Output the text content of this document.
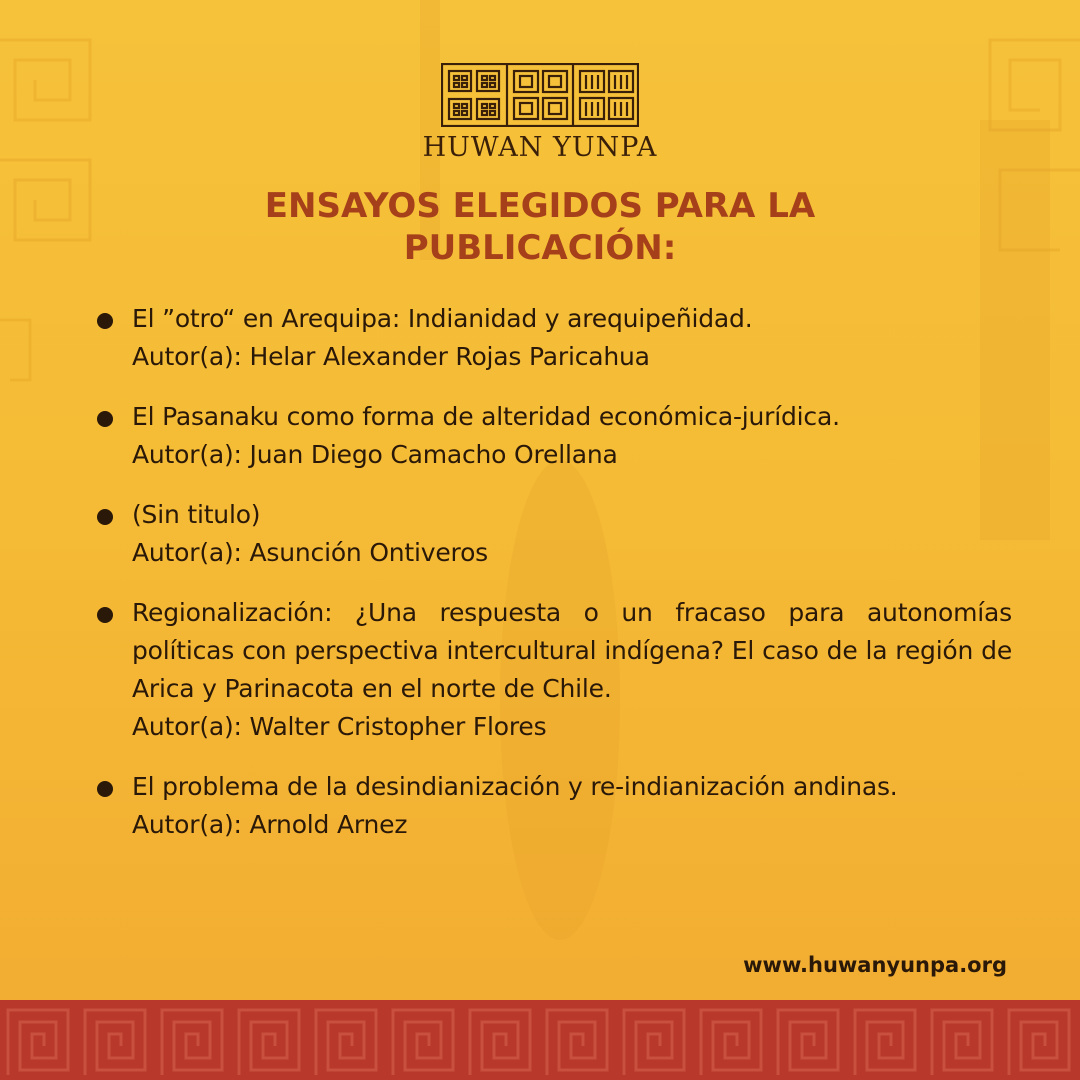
HUWAN YUNPA
ENSAYOS ELEGIDOS PARA LA
PUBLICACIÓN:
El ”otro“ en Arequipa: Indianidad y arequipeñidad.
Autor(a): Helar Alexander Rojas Paricahua
El Pasanaku como forma de alteridad económica-jurídica.
Autor(a): Juan Diego Camacho Orellana
(Sin titulo)
Autor(a): Asunción Ontiveros
Regionalización: ¿Una respuesta o un fracaso para autonomías políticas con perspectiva intercultural indígena? El caso de la región de Arica y Parinacota en el norte de Chile.
Autor(a): Walter Cristopher Flores
El problema de la desindianización y re-indianización andinas.
Autor(a): Arnold Arnez
www.huwanyunpa.org
